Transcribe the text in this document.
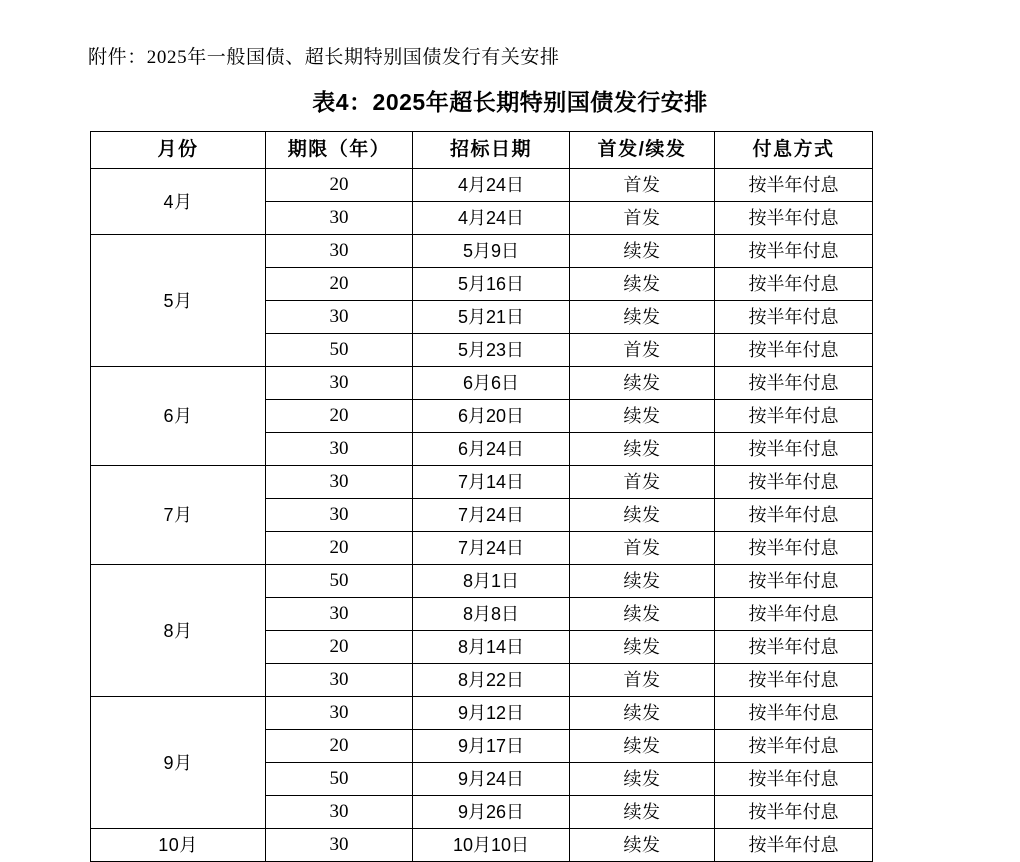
附件：2025年一般国债、超长期特别国债发行有关安排
表4：2025年超长期特别国债发行安排
月份	期限（年）	招标日期	首发/续发	付息方式
4月	20	4月24日	首发	按半年付息
	30	4月24日	首发	按半年付息
5月	30	5月9日	续发	按半年付息
	20	5月16日	续发	按半年付息
	30	5月21日	续发	按半年付息
	50	5月23日	首发	按半年付息
6月	30	6月6日	续发	按半年付息
	20	6月20日	续发	按半年付息
	30	6月24日	续发	按半年付息
7月	30	7月14日	首发	按半年付息
	30	7月24日	续发	按半年付息
	20	7月24日	首发	按半年付息
8月	50	8月1日	续发	按半年付息
	30	8月8日	续发	按半年付息
	20	8月14日	续发	按半年付息
	30	8月22日	首发	按半年付息
9月	30	9月12日	续发	按半年付息
	20	9月17日	续发	按半年付息
	50	9月24日	续发	按半年付息
	30	9月26日	续发	按半年付息
10月	30	10月10日	续发	按半年付息
